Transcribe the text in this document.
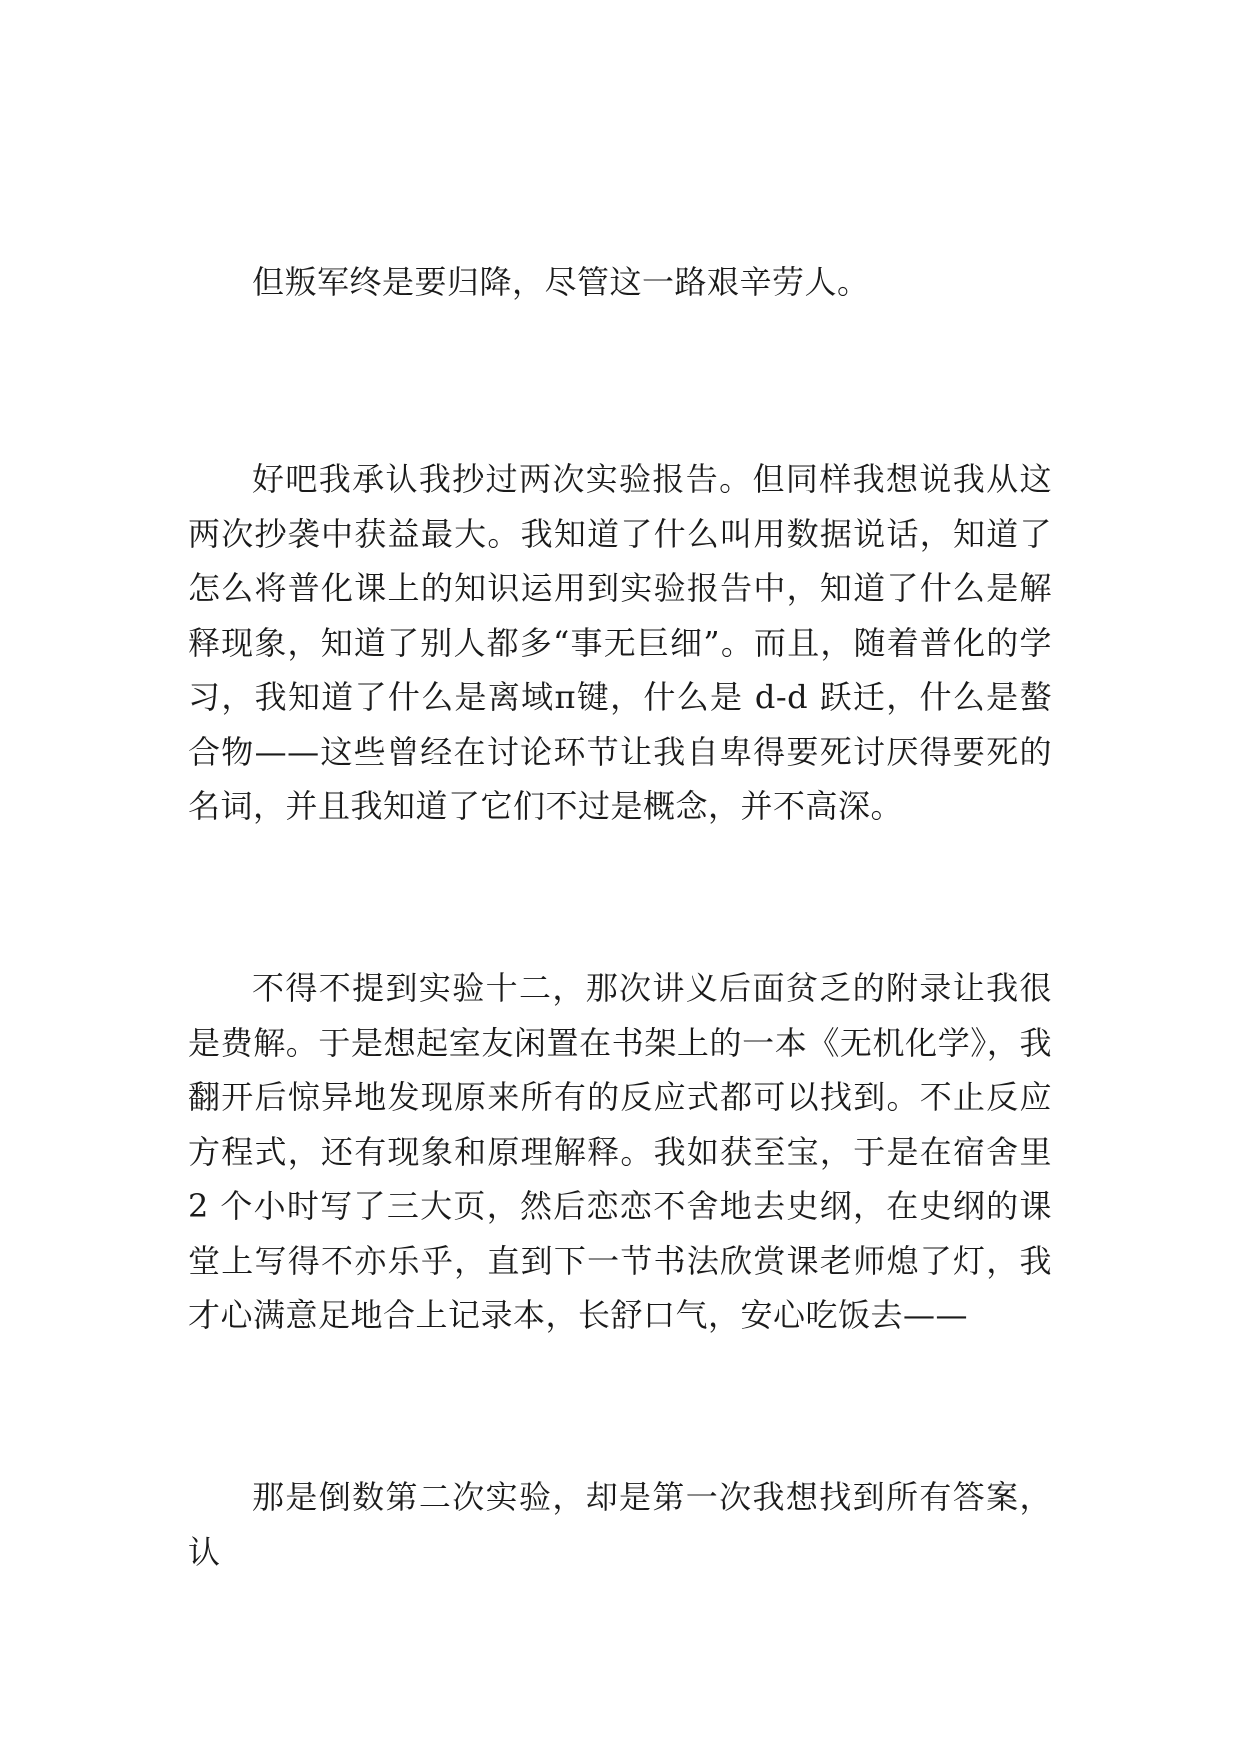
但叛军终是要归降，尽管这一路艰辛劳人。

好吧我承认我抄过两次实验报告。但同样我想说我从这两次抄袭中获益最大。我知道了什么叫用数据说话，知道了怎么将普化课上的知识运用到实验报告中，知道了什么是解释现象，知道了别人都多“事无巨细”。而且，随着普化的学习，我知道了什么是离域π键，什么是 d-d 跃迁，什么是螯合物——这些曾经在讨论环节让我自卑得要死讨厌得要死的名词，并且我知道了它们不过是概念，并不高深。

不得不提到实验十二，那次讲义后面贫乏的附录让我很是费解。于是想起室友闲置在书架上的一本《无机化学》，我翻开后惊异地发现原来所有的反应式都可以找到。不止反应方程式，还有现象和原理解释。我如获至宝，于是在宿舍里 2 个小时写了三大页，然后恋恋不舍地去史纲，在史纲的课堂上写得不亦乐乎，直到下一节书法欣赏课老师熄了灯，我才心满意足地合上记录本，长舒口气，安心吃饭去——

那是倒数第二次实验，却是第一次我想找到所有答案，认
